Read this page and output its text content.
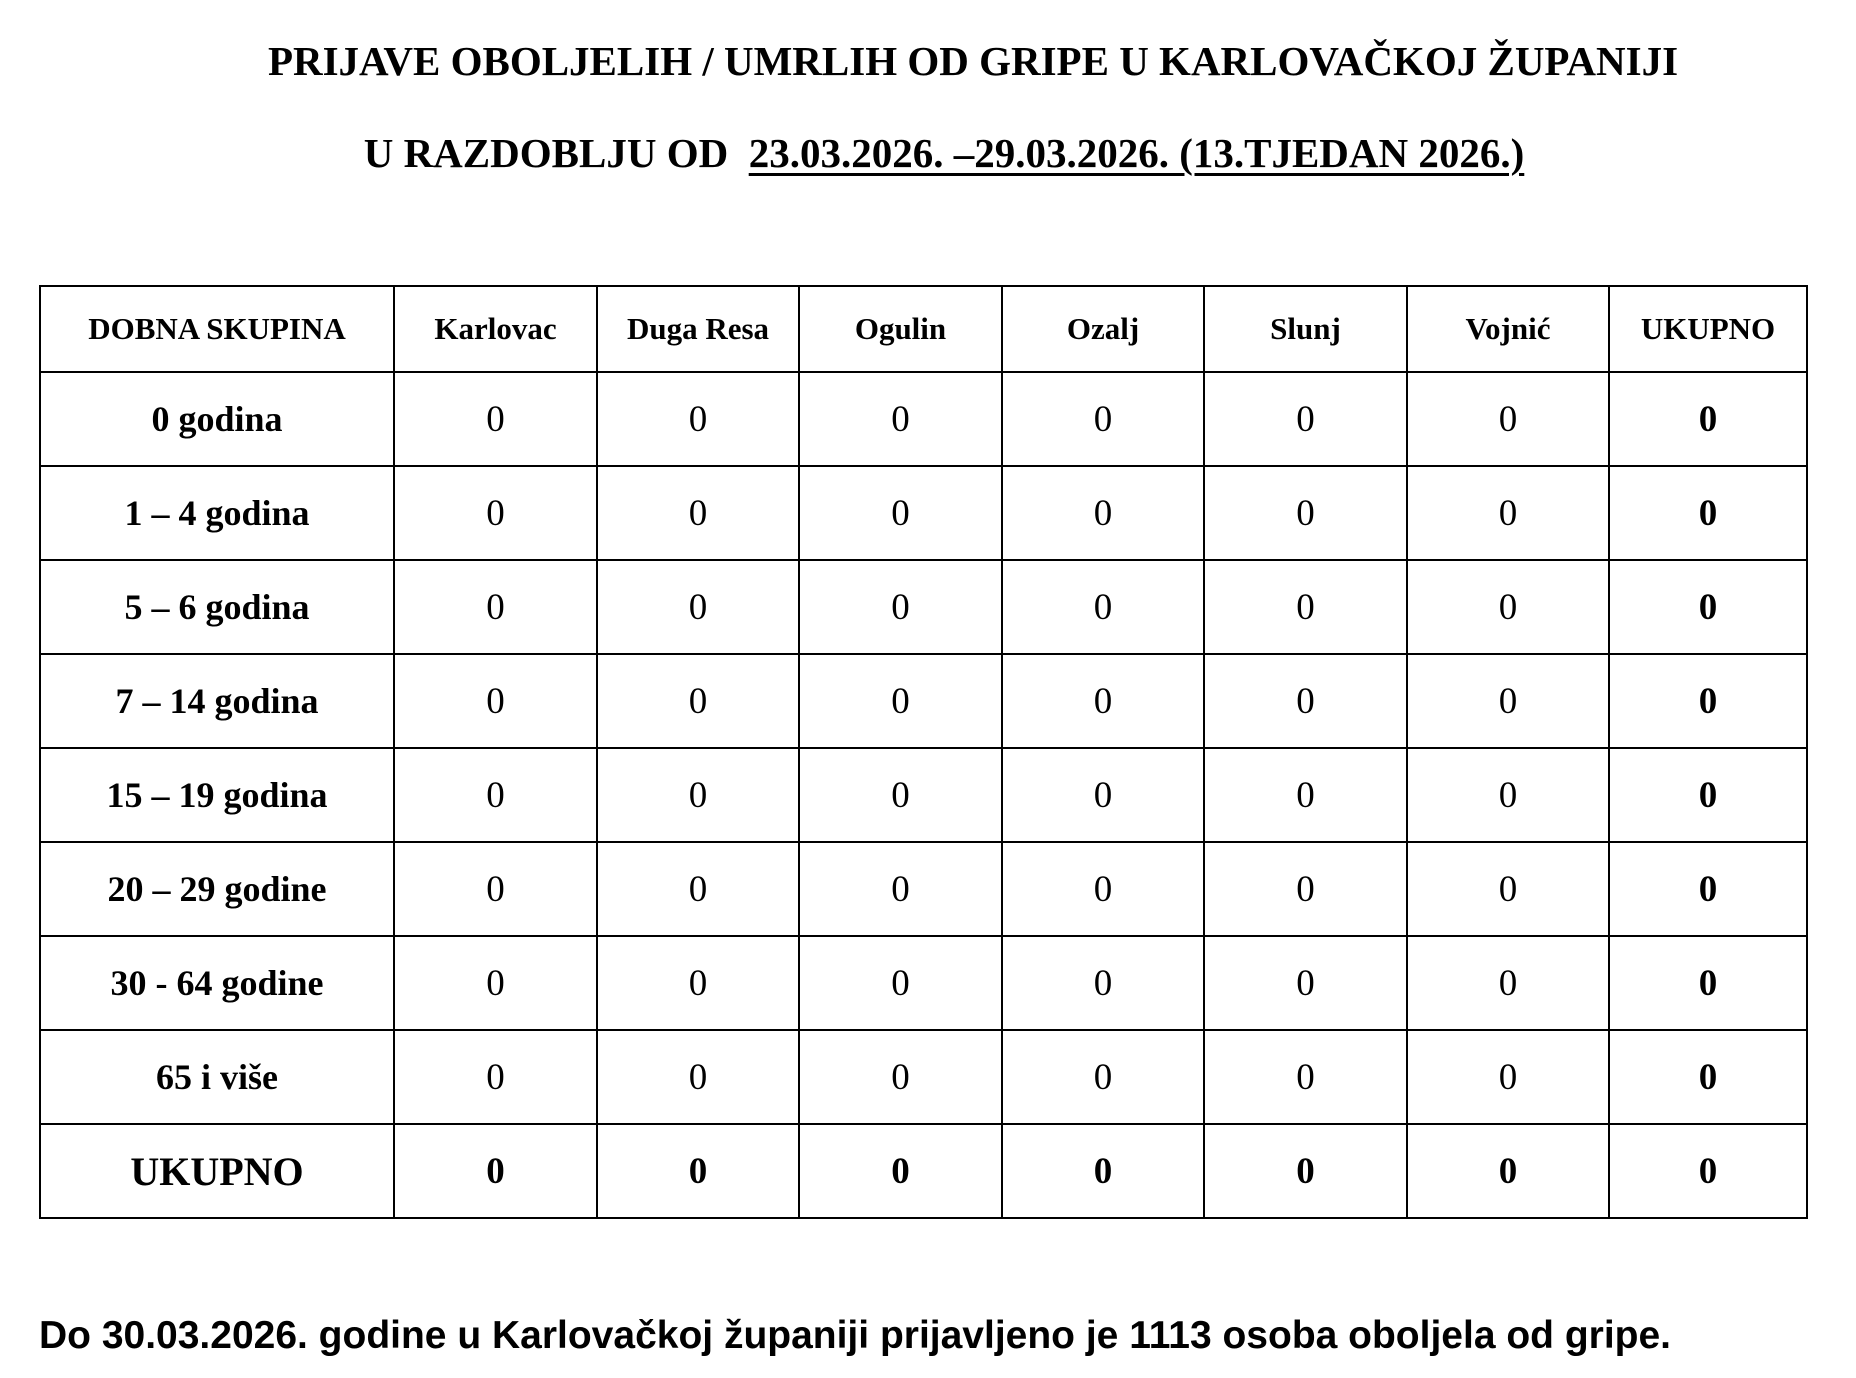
PRIJAVE OBOLJELIH / UMRLIH OD GRIPE U KARLOVAČKOJ ŽUPANIJI
U RAZDOBLJU OD 23.03.2026. –29.03.2026. (13.TJEDAN 2026.)
DOBNA SKUPINA	Karlovac	Duga Resa	Ogulin	Ozalj	Slunj	Vojnić	UKUPNO
0 godina	0	0	0	0	0	0	0
1 – 4 godina	0	0	0	0	0	0	0
5 – 6 godina	0	0	0	0	0	0	0
7 – 14 godina	0	0	0	0	0	0	0
15 – 19 godina	0	0	0	0	0	0	0
20 – 29 godine	0	0	0	0	0	0	0
30 - 64 godine	0	0	0	0	0	0	0
65 i više	0	0	0	0	0	0	0
UKUPNO	0	0	0	0	0	0	0
Do 30.03.2026. godine u Karlovačkoj županiji prijavljeno je 1113 osoba oboljela od gripe.
